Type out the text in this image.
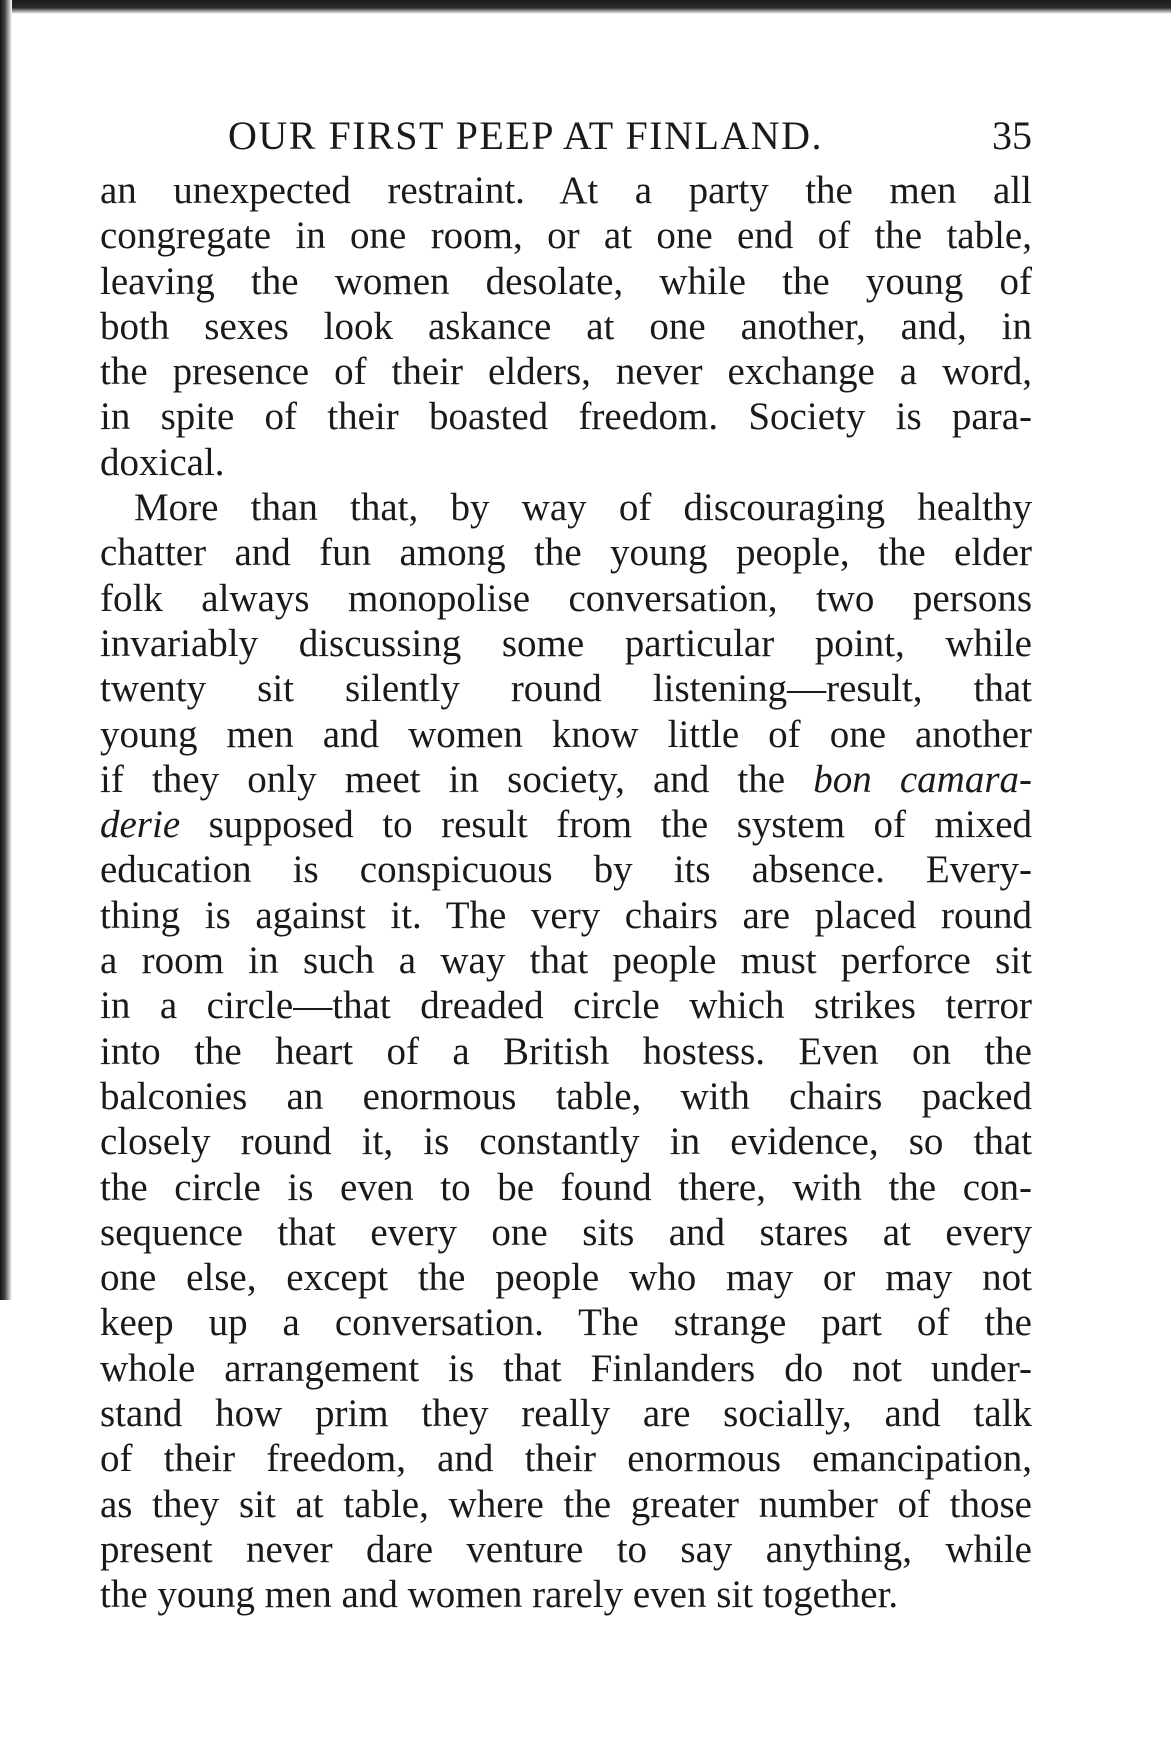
OUR FIRST PEEP AT FINLAND.	35
an unexpected restraint. At a party the men all
congregate in one room, or at one end of the table,
leaving the women desolate, while the young of
both sexes look askance at one another, and, in
the presence of their elders, never exchange a word,
in spite of their boasted freedom. Society is para-
doxical.
More than that, by way of discouraging healthy
chatter and fun among the young people, the elder
folk always monopolise conversation, two persons
invariably discussing some particular point, while
twenty sit silently round listening—result, that
young men and women know little of one another
if they only meet in society, and the bon camara-
derie supposed to result from the system of mixed
education is conspicuous by its absence. Every-
thing is against it. The very chairs are placed round
a room in such a way that people must perforce sit
in a circle—that dreaded circle which strikes terror
into the heart of a British hostess. Even on the
balconies an enormous table, with chairs packed
closely round it, is constantly in evidence, so that
the circle is even to be found there, with the con-
sequence that every one sits and stares at every
one else, except the people who may or may not
keep up a conversation. The strange part of the
whole arrangement is that Finlanders do not under-
stand how prim they really are socially, and talk
of their freedom, and their enormous emancipation,
as they sit at table, where the greater number of those
present never dare venture to say anything, while
the young men and women rarely even sit together.
